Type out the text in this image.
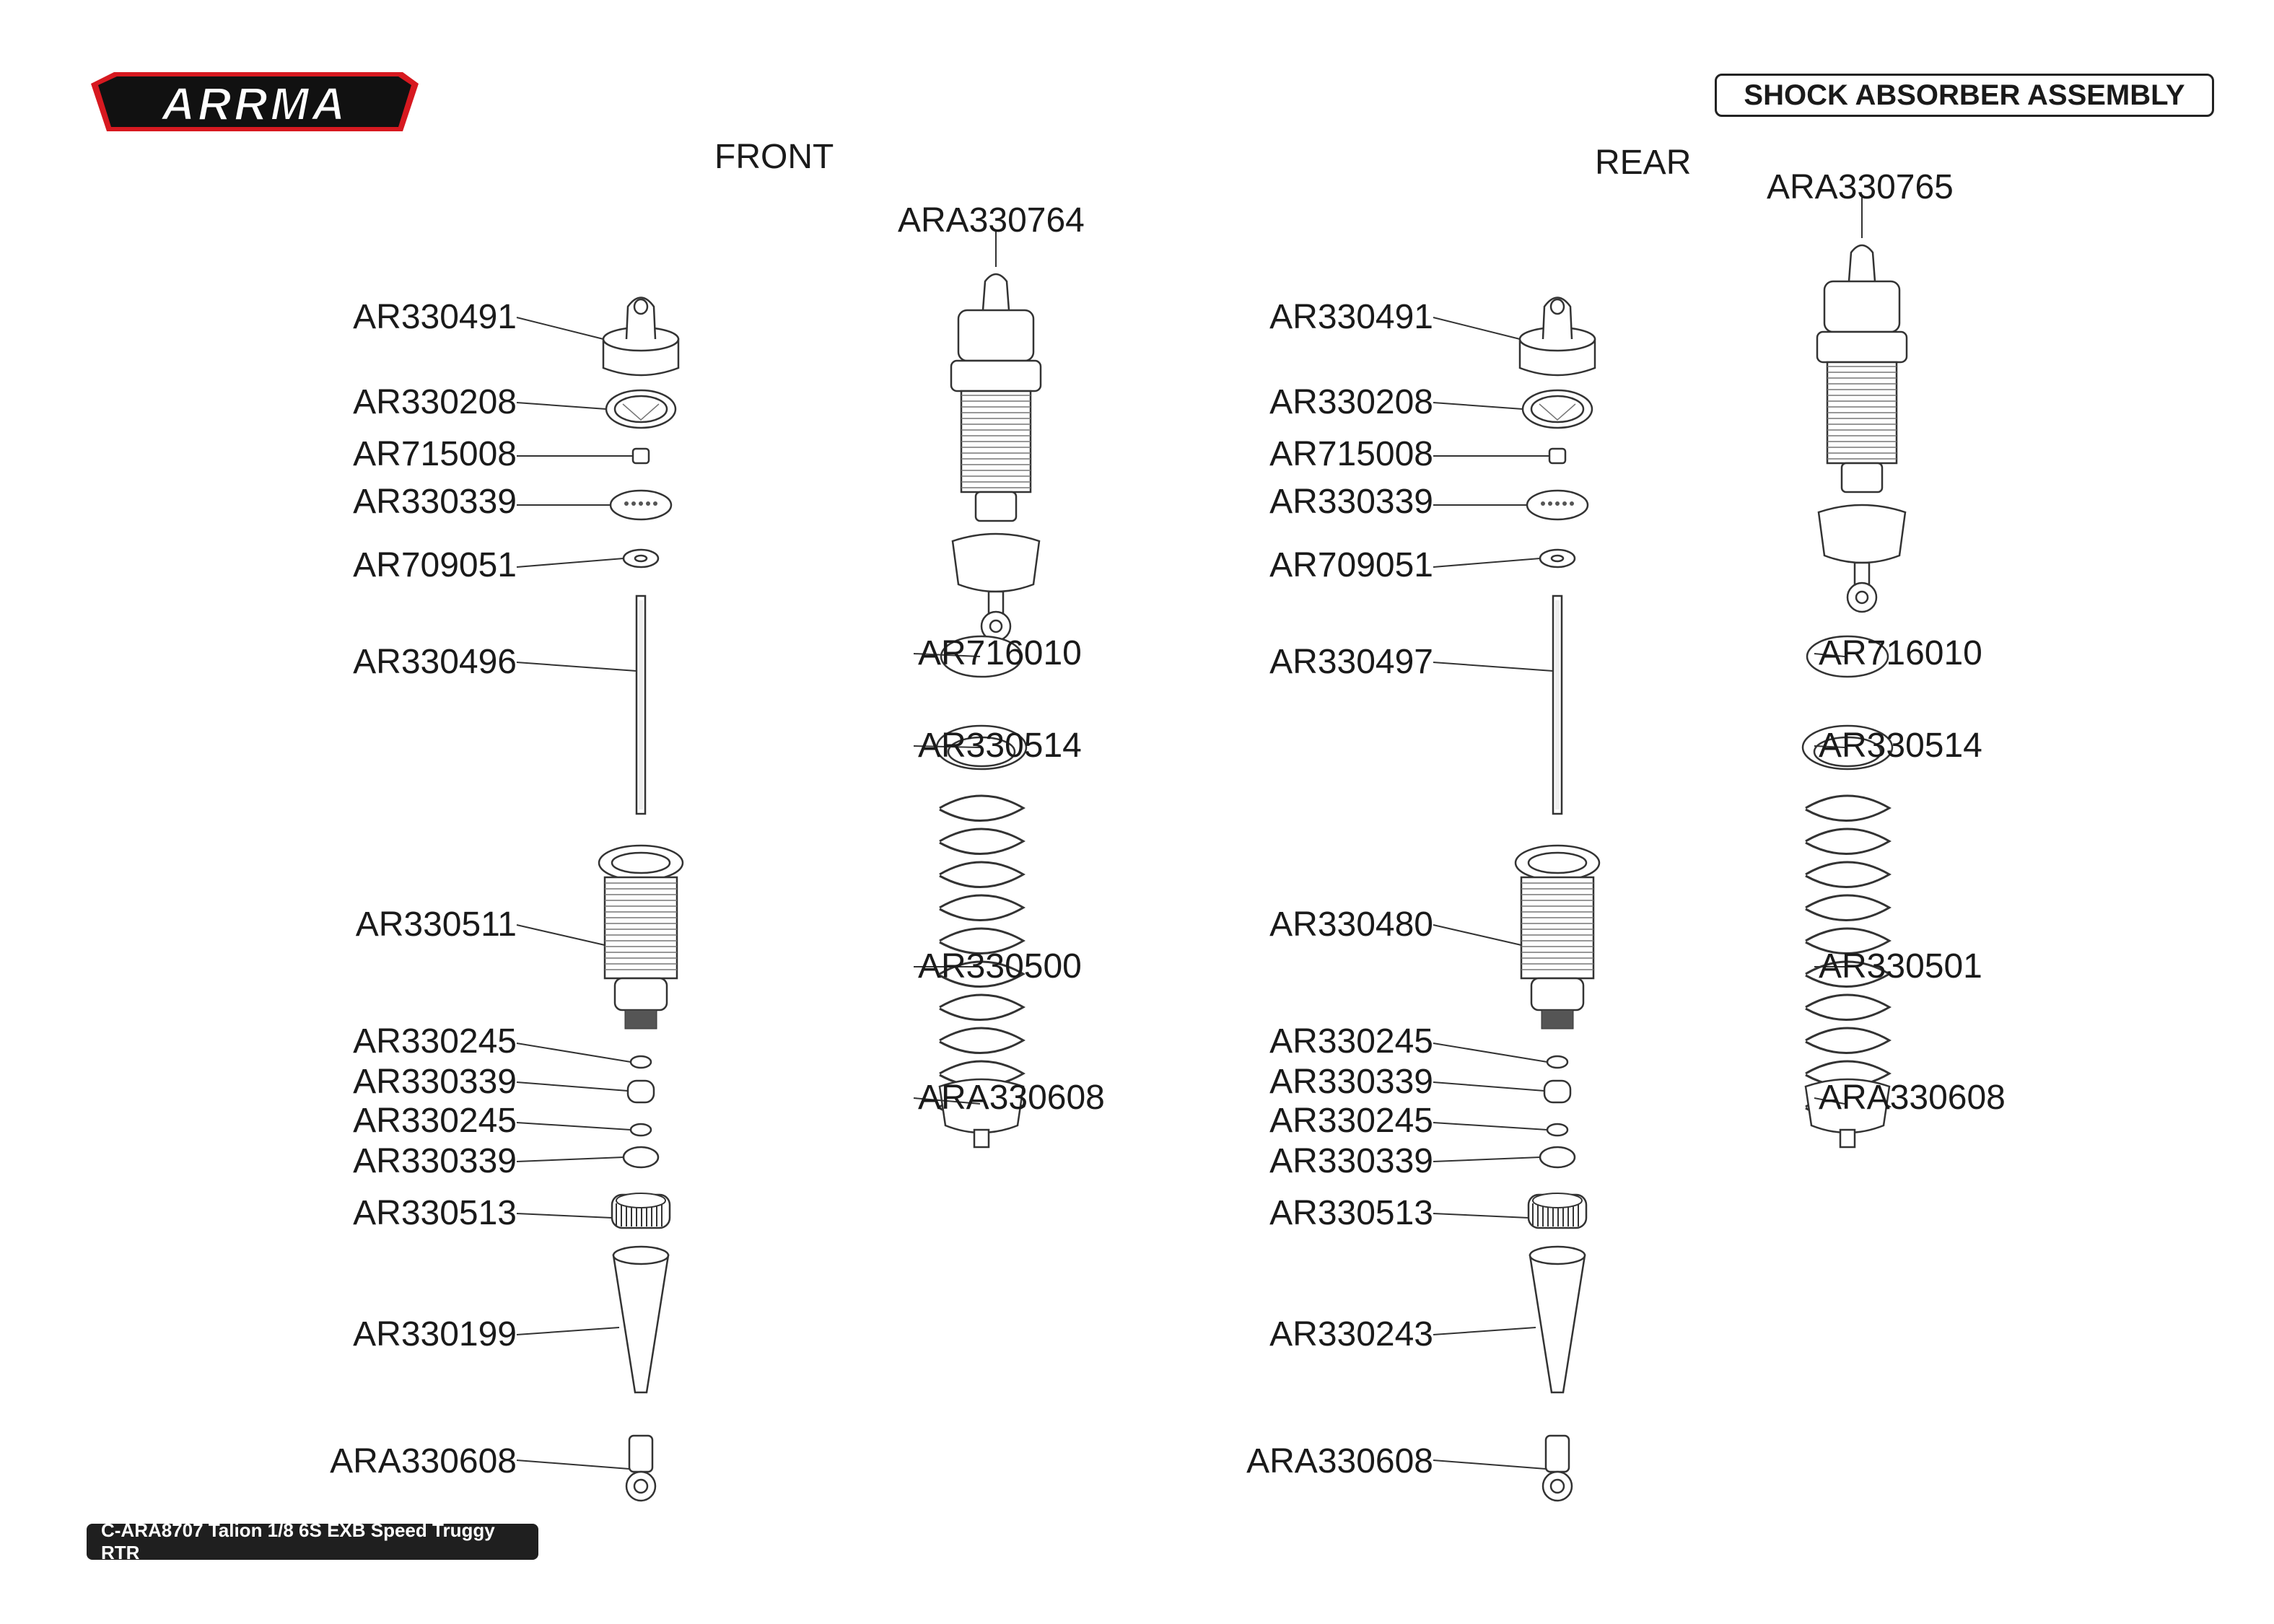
ARRMA	SHOCK ABSORBER ASSEMBLY
FRONT	REAR
ARA330764
AR330491
AR330208
AR715008
AR330339
AR709051
AR330496
AR330511
AR330245
AR330339
AR330245
AR330339
AR330513
AR330199
ARA330608
AR716010
AR330514
AR330500
ARA330608
ARA330765
AR330491
AR330208
AR715008
AR330339
AR709051
AR330497
AR330480
AR330245
AR330339
AR330245
AR330339
AR330513
AR330243
ARA330608
AR716010
AR330514
AR330501
ARA330608
C-ARA8707 Talion 1/8 6S EXB Speed Truggy RTR
